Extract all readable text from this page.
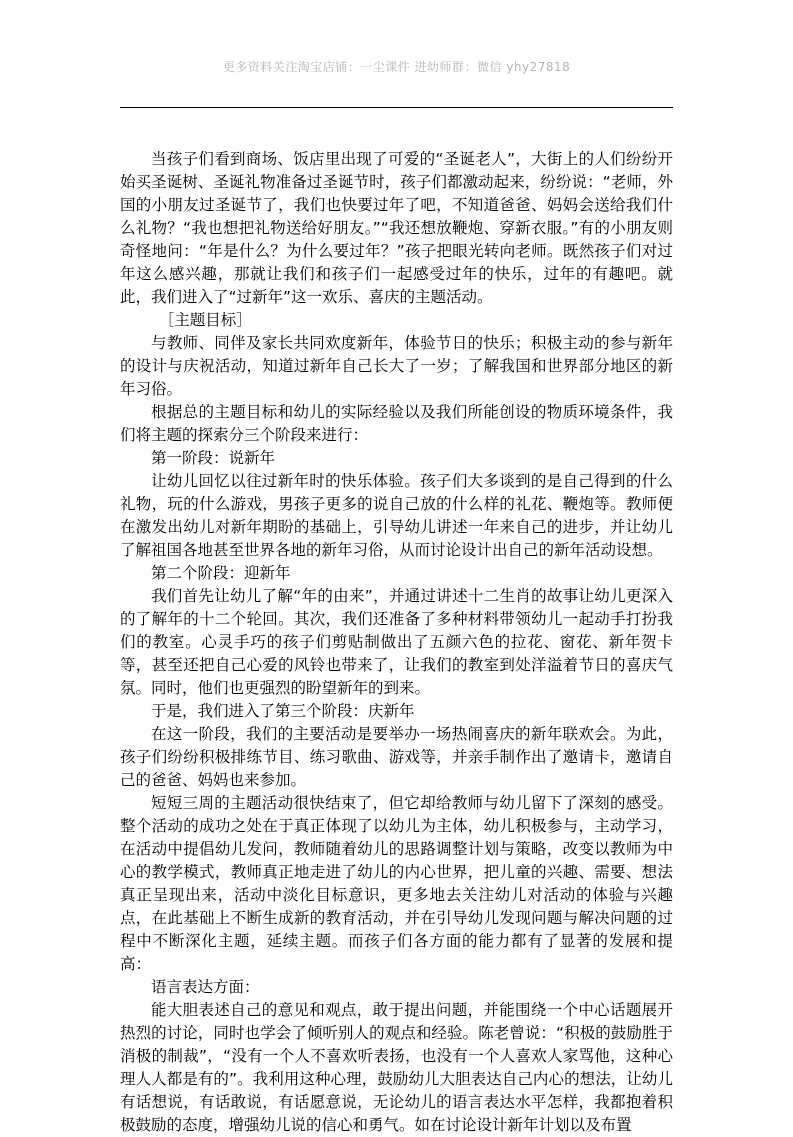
更多资料关注淘宝店铺：一尘课件 进幼师群：微信 yhy27818

当孩子们看到商场、饭店里出现了可爱的“圣诞老人”，大街上的人们纷纷开始买圣诞树、圣诞礼物准备过圣诞节时，孩子们都激动起来，纷纷说：“老师，外国的小朋友过圣诞节了，我们也快要过年了吧，不知道爸爸、妈妈会送给我们什么礼物？“我也想把礼物送给好朋友。”“我还想放鞭炮、穿新衣服。”有的小朋友则奇怪地问：“年是什么？为什么要过年？”孩子把眼光转向老师。既然孩子们对过年这么感兴趣，那就让我们和孩子们一起感受过年的快乐，过年的有趣吧。就此，我们进入了“过新年”这一欢乐、喜庆的主题活动。

［主题目标］

与教师、同伴及家长共同欢度新年，体验节日的快乐；积极主动的参与新年的设计与庆祝活动，知道过新年自己长大了一岁；了解我国和世界部分地区的新年习俗。

根据总的主题目标和幼儿的实际经验以及我们所能创设的物质环境条件，我们将主题的探索分三个阶段来进行：

第一阶段：说新年

让幼儿回忆以往过新年时的快乐体验。孩子们大多谈到的是自己得到的什么礼物，玩的什么游戏，男孩子更多的说自己放的什么样的礼花、鞭炮等。教师便在激发出幼儿对新年期盼的基础上，引导幼儿讲述一年来自己的进步，并让幼儿了解祖国各地甚至世界各地的新年习俗，从而讨论设计出自己的新年活动设想。

第二个阶段：迎新年

我们首先让幼儿了解“年的由来”，并通过讲述十二生肖的故事让幼儿更深入的了解年的十二个轮回。其次，我们还准备了多种材料带领幼儿一起动手打扮我们的教室。心灵手巧的孩子们剪贴制做出了五颜六色的拉花、窗花、新年贺卡等，甚至还把自己心爱的风铃也带来了，让我们的教室到处洋溢着节日的喜庆气氛。同时，他们也更强烈的盼望新年的到来。

于是，我们进入了第三个阶段：庆新年

在这一阶段，我们的主要活动是要举办一场热闹喜庆的新年联欢会。为此，孩子们纷纷积极排练节目、练习歌曲、游戏等，并亲手制作出了邀请卡，邀请自己的爸爸、妈妈也来参加。

短短三周的主题活动很快结束了，但它却给教师与幼儿留下了深刻的感受。整个活动的成功之处在于真正体现了以幼儿为主体，幼儿积极参与，主动学习，在活动中提倡幼儿发问，教师随着幼儿的思路调整计划与策略，改变以教师为中心的教学模式，教师真正地走进了幼儿的内心世界，把儿童的兴趣、需要、想法真正呈现出来，活动中淡化目标意识，更多地去关注幼儿对活动的体验与兴趣点，在此基础上不断生成新的教育活动，并在引导幼儿发现问题与解决问题的过程中不断深化主题，延续主题。而孩子们各方面的能力都有了显著的发展和提高：

语言表达方面：

能大胆表述自己的意见和观点，敢于提出问题，并能围绕一个中心话题展开热烈的讨论，同时也学会了倾听别人的观点和经验。陈老曾说：“积极的鼓励胜于消极的制裁”，“没有一个人不喜欢听表扬，也没有一个人喜欢人家骂他，这种心理人人都是有的”。我利用这种心理，鼓励幼儿大胆表达自己内心的想法，让幼儿有话想说，有话敢说，有话愿意说，无论幼儿的语言表达水平怎样，我都抱着积极鼓励的态度，增强幼儿说的信心和勇气。如在讨论设计新年计划以及布置
